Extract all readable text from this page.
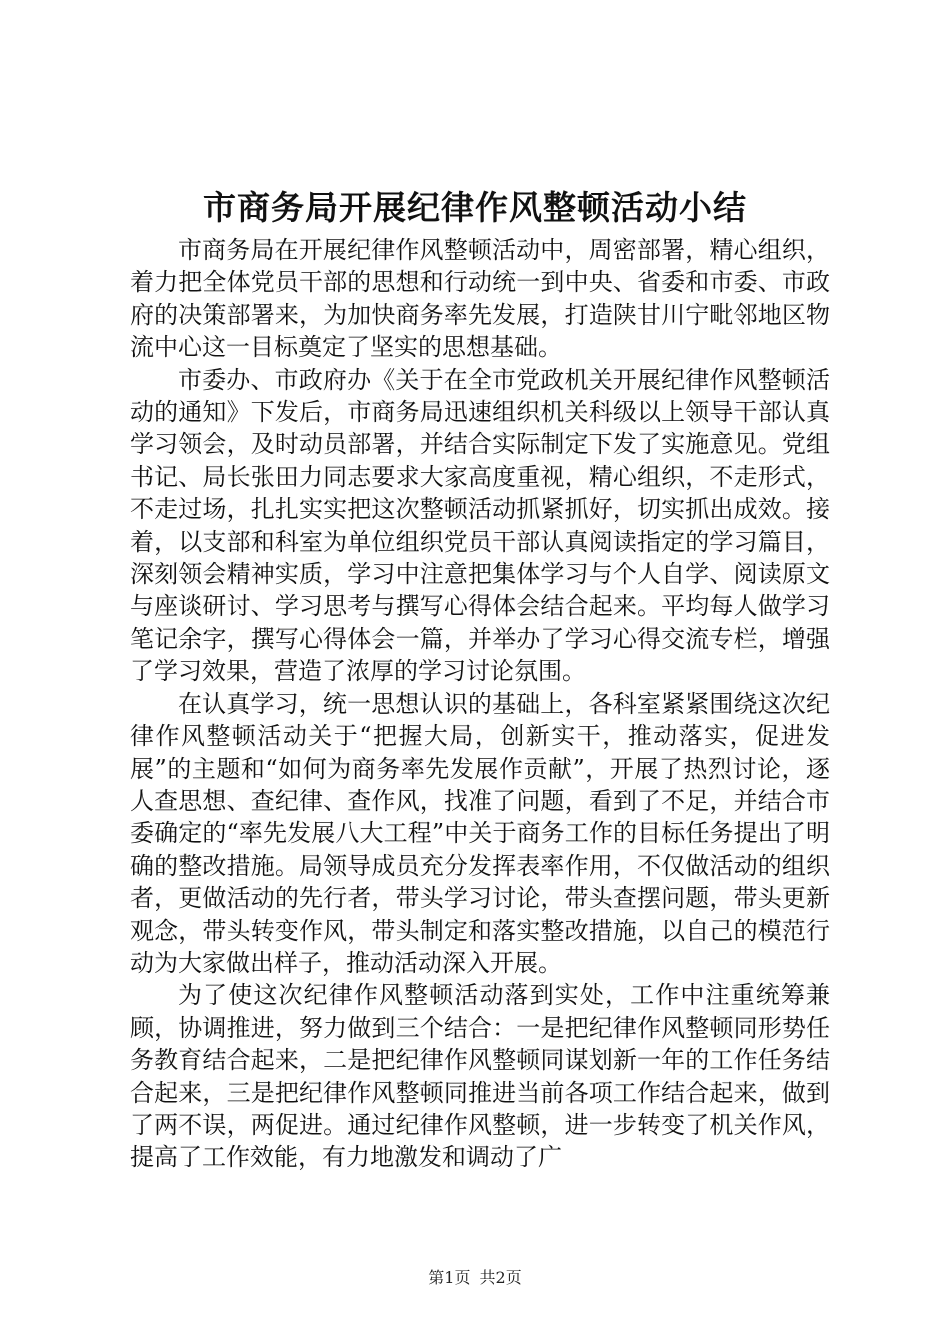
市商务局开展纪律作风整顿活动小结

市商务局在开展纪律作风整顿活动中，周密部署，精心组织，着力把全体党员干部的思想和行动统一到中央、省委和市委、市政府的决策部署来，为加快商务率先发展，打造陕甘川宁毗邻地区物流中心这一目标奠定了坚实的思想基础。

市委办、市政府办《关于在全市党政机关开展纪律作风整顿活动的通知》下发后，市商务局迅速组织机关科级以上领导干部认真学习领会，及时动员部署，并结合实际制定下发了实施意见。党组书记、局长张田力同志要求大家高度重视，精心组织，不走形式，不走过场，扎扎实实把这次整顿活动抓紧抓好，切实抓出成效。接着，以支部和科室为单位组织党员干部认真阅读指定的学习篇目，深刻领会精神实质，学习中注意把集体学习与个人自学、阅读原文与座谈研讨、学习思考与撰写心得体会结合起来。平均每人做学习笔记余字，撰写心得体会一篇，并举办了学习心得交流专栏，增强了学习效果，营造了浓厚的学习讨论氛围。

在认真学习，统一思想认识的基础上，各科室紧紧围绕这次纪律作风整顿活动关于“把握大局，创新实干，推动落实，促进发展”的主题和“如何为商务率先发展作贡献”，开展了热烈讨论，逐人查思想、查纪律、查作风，找准了问题，看到了不足，并结合市委确定的“率先发展八大工程”中关于商务工作的目标任务提出了明确的整改措施。局领导成员充分发挥表率作用，不仅做活动的组织者，更做活动的先行者，带头学习讨论，带头查摆问题，带头更新观念，带头转变作风，带头制定和落实整改措施，以自己的模范行动为大家做出样子，推动活动深入开展。

为了使这次纪律作风整顿活动落到实处，工作中注重统筹兼顾，协调推进，努力做到三个结合：一是把纪律作风整顿同形势任务教育结合起来，二是把纪律作风整顿同谋划新一年的工作任务结合起来，三是把纪律作风整顿同推进当前各项工作结合起来，做到了两不误，两促进。通过纪律作风整顿，进一步转变了机关作风，提高了工作效能，有力地激发和调动了广

第1页 共2页
